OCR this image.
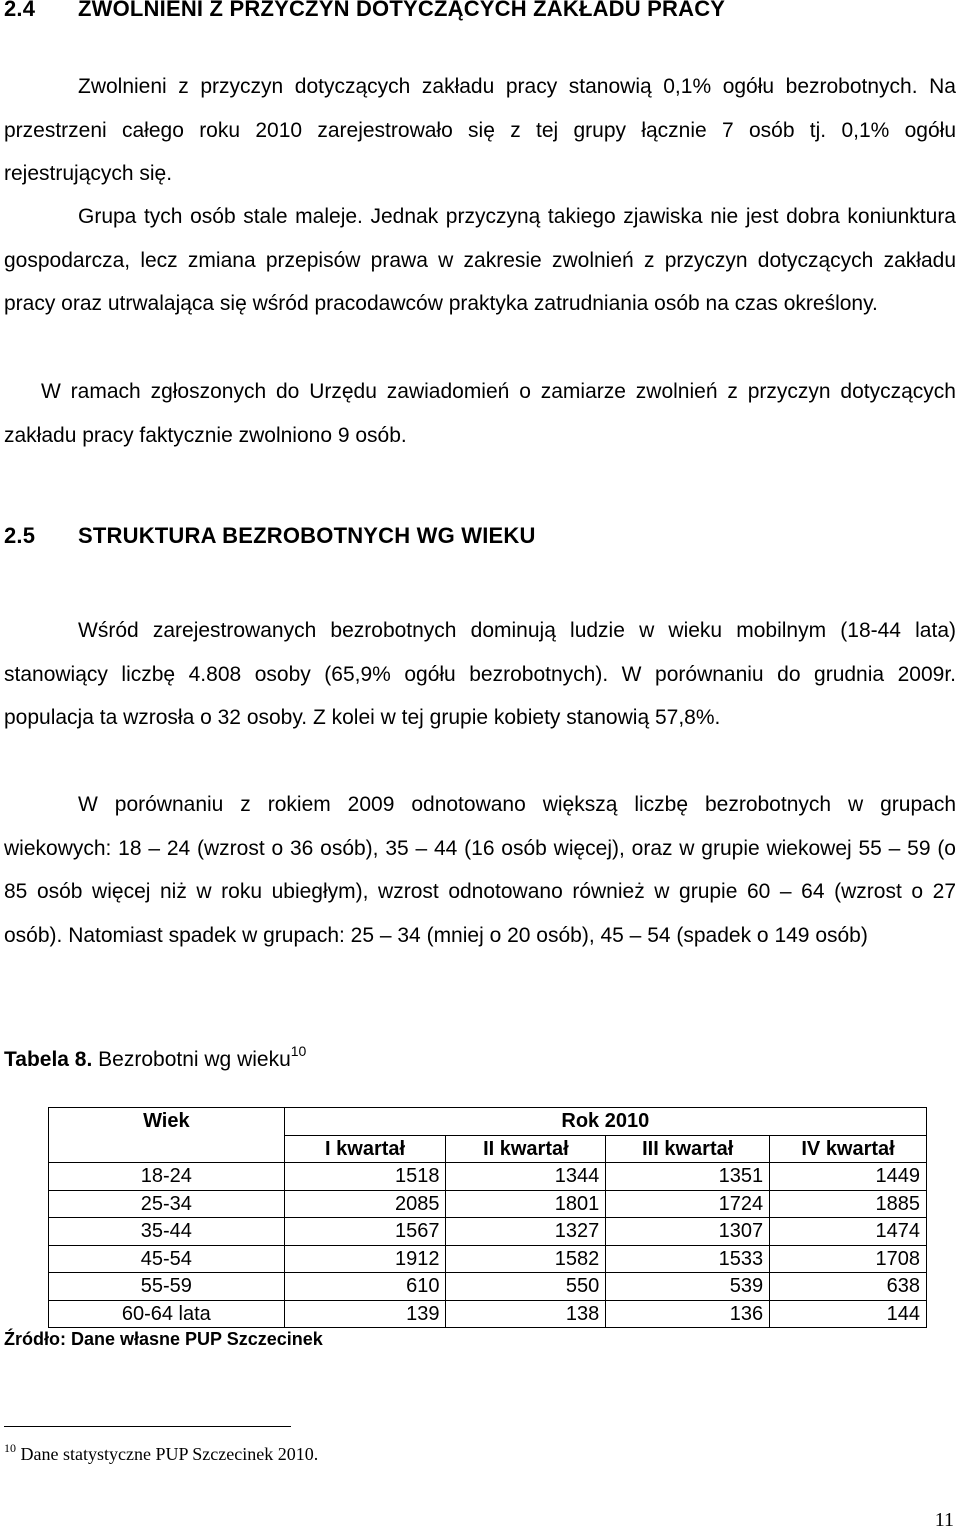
2.4 ZWOLNIENI Z PRZYCZYN DOTYCZĄCYCH ZAKŁADU PRACY

Zwolnieni z przyczyn dotyczących zakładu pracy stanowią 0,1% ogółu bezrobotnych. Na przestrzeni całego roku 2010 zarejestrowało się z tej grupy łącznie 7 osób tj. 0,1% ogółu rejestrujących się.

Grupa tych osób stale maleje. Jednak przyczyną takiego zjawiska nie jest dobra koniunktura gospodarcza, lecz zmiana przepisów prawa w zakresie zwolnień z przyczyn dotyczących zakładu pracy oraz utrwalająca się wśród pracodawców praktyka zatrudniania osób na czas określony.

W ramach zgłoszonych do Urzędu zawiadomień o zamiarze zwolnień z przyczyn dotyczących zakładu pracy faktycznie zwolniono 9 osób.

2.5 STRUKTURA BEZROBOTNYCH WG WIEKU

Wśród zarejestrowanych bezrobotnych dominują ludzie w wieku mobilnym (18-44 lata) stanowiący liczbę 4.808 osoby (65,9% ogółu bezrobotnych). W porównaniu do grudnia 2009r. populacja ta wzrosła o 32 osoby. Z kolei w tej grupie kobiety stanowią 57,8%.

W porównaniu z rokiem 2009 odnotowano większą liczbę bezrobotnych w grupach wiekowych: 18 – 24 (wzrost o 36 osób), 35 – 44 (16 osób więcej), oraz w grupie wiekowej 55 – 59 (o 85 osób więcej niż w roku ubiegłym), wzrost odnotowano również w grupie 60 – 64 (wzrost o 27 osób). Natomiast spadek w grupach: 25 – 34 (mniej o 20 osób), 45 – 54 (spadek o 149 osób)

Tabela 8. Bezrobotni wg wieku$^{10}$

Wiek	Rok 2010			
	I kwartał	II kwartał	III kwartał	IV kwartał
18-24	1518	1344	1351	1449
25-34	2085	1801	1724	1885
35-44	1567	1327	1307	1474
45-54	1912	1582	1533	1708
55-59	610	550	539	638
60-64 lata	139	138	136	144

Źródło: Dane własne PUP Szczecinek

$^{10}$ Dane statystyczne PUP Szczecinek 2010.

11
